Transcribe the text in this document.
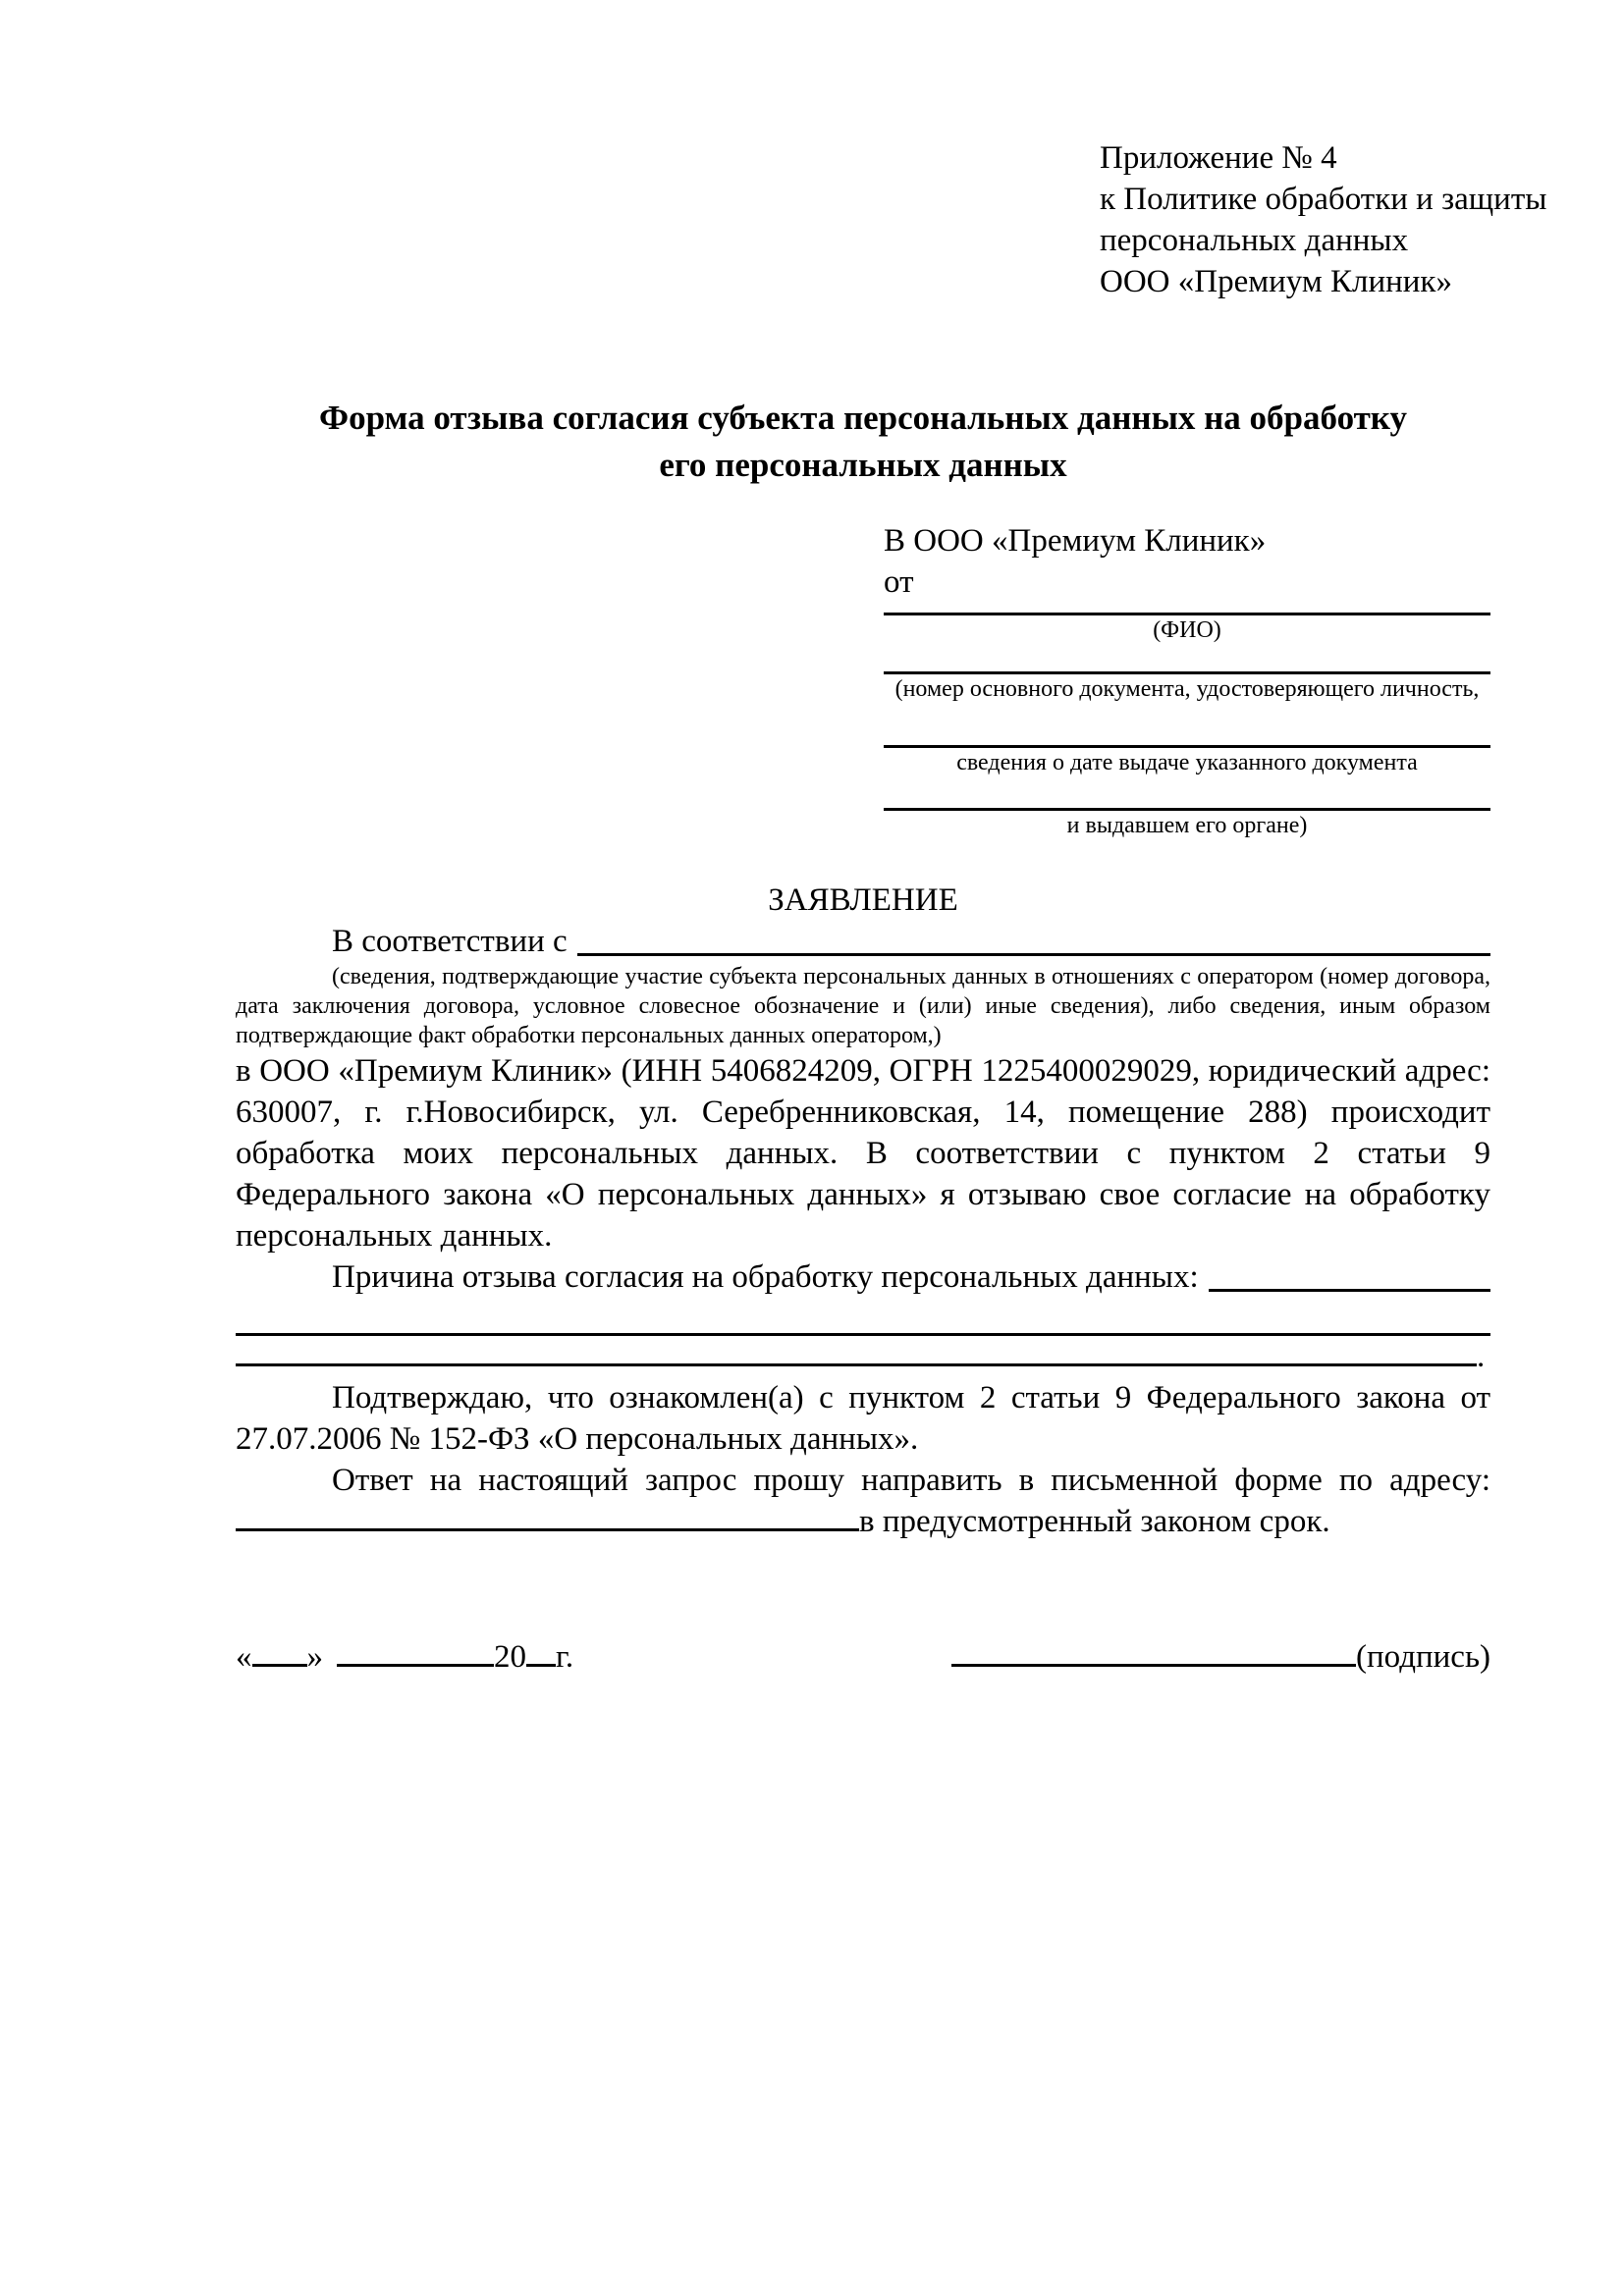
Приложение № 4
к Политике обработки и защиты
персональных данных
ООО «Премиум Клиник»
Форма отзыва согласия субъекта персональных данных на обработку
его персональных данных
В ООО «Премиум Клиник»
от
(ФИО)
(номер основного документа, удостоверяющего личность,
сведения о дате выдаче указанного документа
и выдавшем его органе)
ЗАЯВЛЕНИЕ
В соответствии с
(сведения, подтверждающие участие субъекта персональных данных в отношениях с оператором (номер договора, дата заключения договора, условное словесное обозначение и (или) иные сведения), либо сведения, иным образом подтверждающие факт обработки персональных данных оператором,)
в ООО «Премиум Клиник» (ИНН 5406824209, ОГРН 1225400029029, юридический адрес: 630007, г. г.Новосибирск, ул. Серебренниковская, 14, помещение 288) происходит обработка моих персональных данных. В соответствии с пунктом 2 статьи 9 Федерального закона «О персональных данных» я отзываю свое согласие на обработку персональных данных.
Причина отзыва согласия на обработку персональных данных:
.
Подтверждаю, что ознакомлен(а) с пунктом 2 статьи 9 Федерального закона от 27.07.2006 № 152-ФЗ «О персональных данных».
Ответ на настоящий запрос прошу направить в письменной форме по адресу: в предусмотренный законом срок.
« »	20 г.	(подпись)
